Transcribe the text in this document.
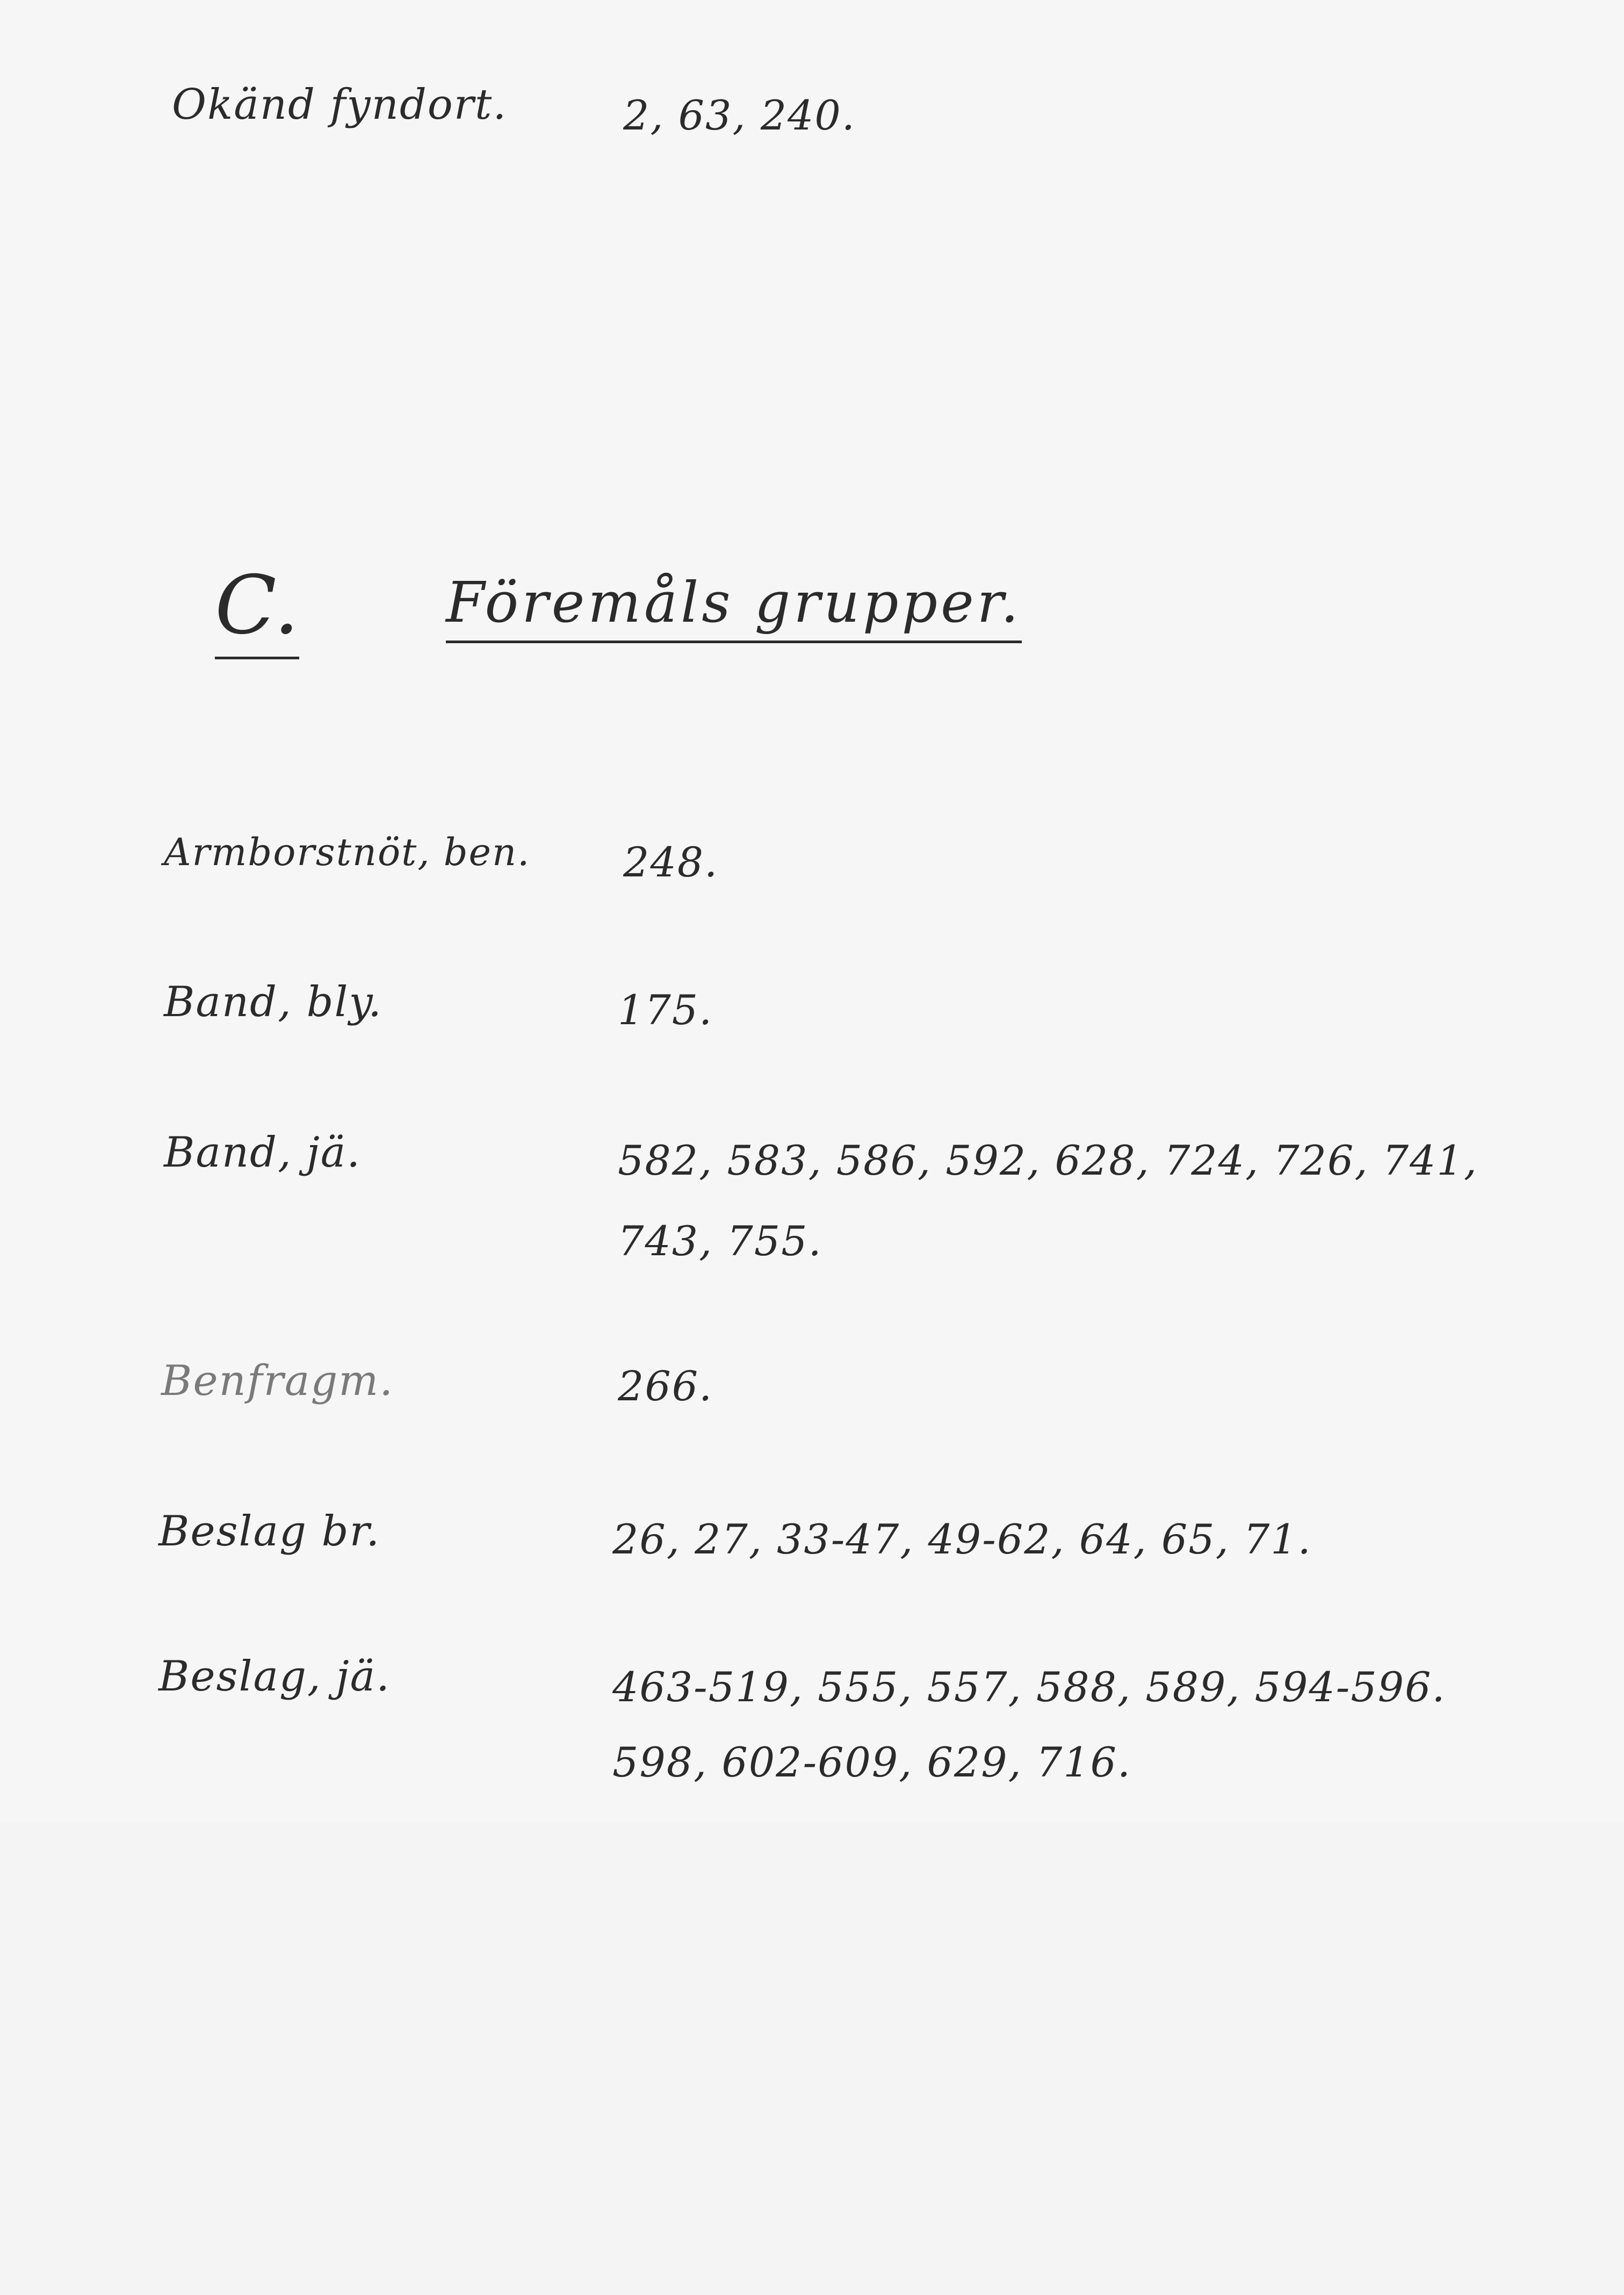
Okänd fyndort.	2, 63, 240.
C.	Föremåls grupper.
Armborstnöt, ben. 248.
Band, bly.	175.
Band, jä.	582, 583, 586, 592, 628, 724, 726, 741,
743, 755.
Benfragm.	266.
Beslag br.	26, 27, 33-47, 49-62, 64, 65, 71.
Beslag, jä.	463-519, 555, 557, 588, 589, 594-596.
598, 602-609, 629, 716.
